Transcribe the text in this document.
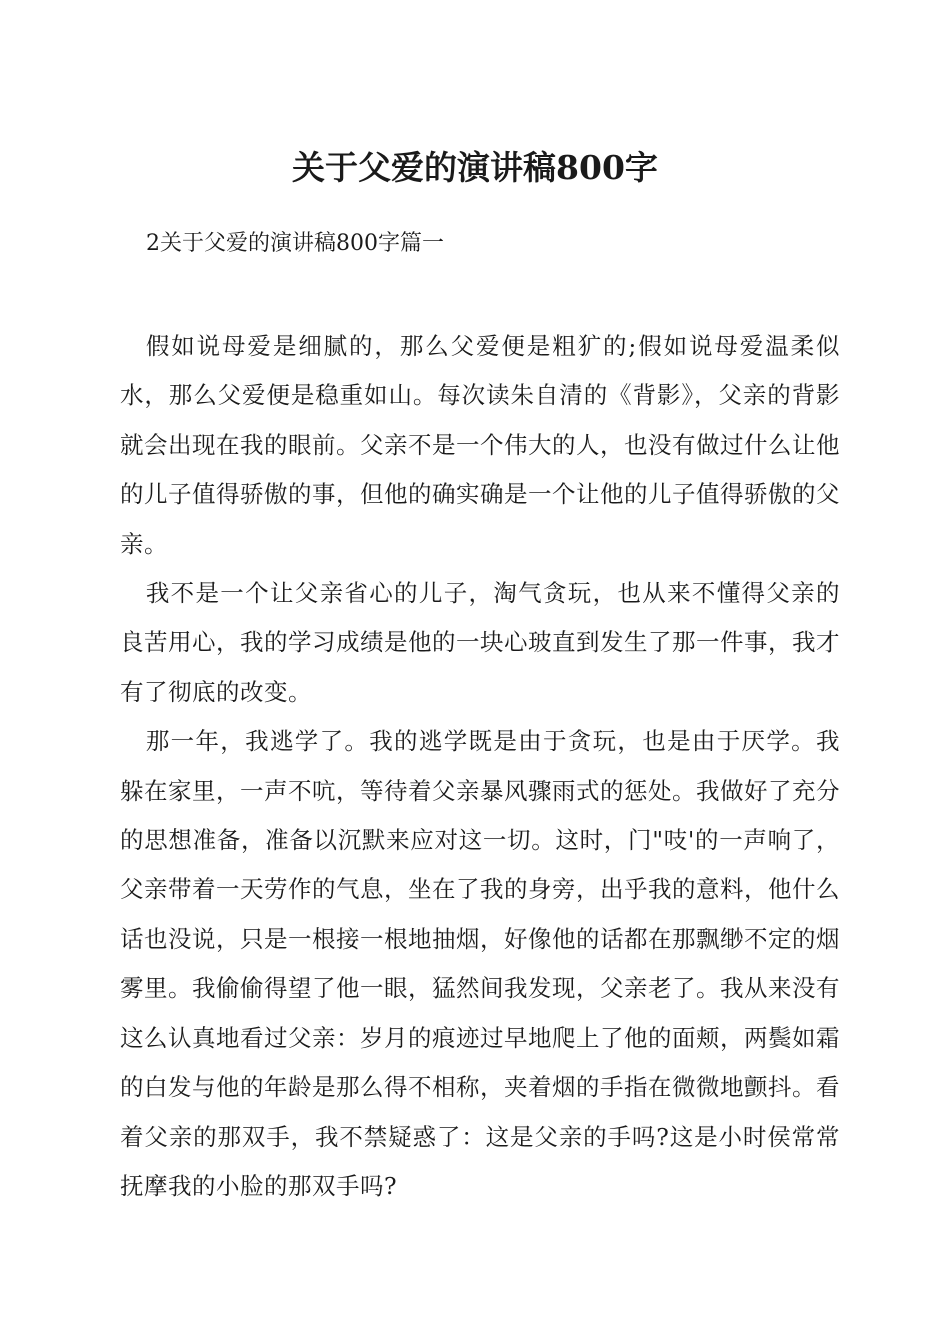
关于父爱的演讲稿800字
2关于父爱的演讲稿800字篇一

假如说母爱是细腻的，那么父爱便是粗犷的;假如说母爱温柔似水，那么父爱便是稳重如山。每次读朱自清的《背影》，父亲的背影就会出现在我的眼前。父亲不是一个伟大的人，也没有做过什么让他的儿子值得骄傲的事，但他的确实确是一个让他的儿子值得骄傲的父亲。

我不是一个让父亲省心的儿子，淘气贪玩，也从来不懂得父亲的良苦用心，我的学习成绩是他的一块心玻直到发生了那一件事，我才有了彻底的改变。

那一年，我逃学了。我的逃学既是由于贪玩，也是由于厌学。我躲在家里，一声不吭，等待着父亲暴风骤雨式的惩处。我做好了充分的思想准备，准备以沉默来应对这一切。这时，门"吱'的一声响了，父亲带着一天劳作的气息，坐在了我的身旁，出乎我的意料，他什么话也没说，只是一根接一根地抽烟，好像他的话都在那飘缈不定的烟雾里。我偷偷得望了他一眼，猛然间我发现，父亲老了。我从来没有这么认真地看过父亲：岁月的痕迹过早地爬上了他的面颊，两鬓如霜的白发与他的年龄是那么得不相称，夹着烟的手指在微微地颤抖。看着父亲的那双手，我不禁疑惑了：这是父亲的手吗?这是小时侯常常抚摩我的小脸的那双手吗?
